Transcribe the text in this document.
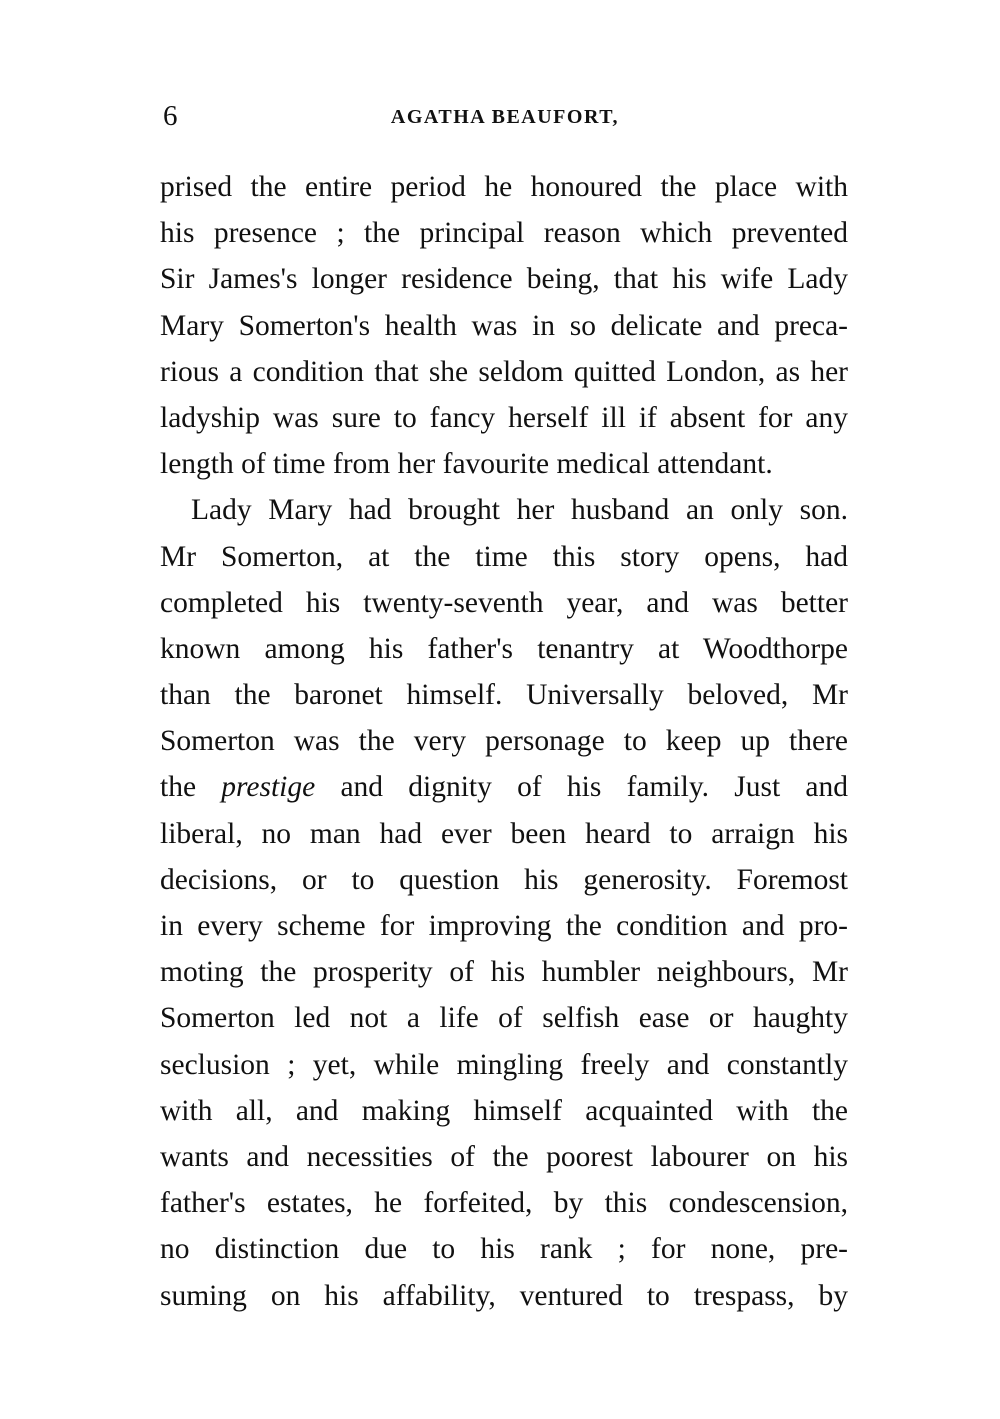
6	AGATHA BEAUFORT,
prised the entire period he honoured the place with
his presence ; the principal reason which prevented
Sir James's longer residence being, that his wife Lady
Mary Somerton's health was in so delicate and preca-
rious a condition that she seldom quitted London, as her
ladyship was sure to fancy herself ill if absent for any
length of time from her favourite medical attendant.
Lady Mary had brought her husband an only son.
Mr Somerton, at the time this story opens, had
completed his twenty-seventh year, and was better
known among his father's tenantry at Woodthorpe
than the baronet himself. Universally beloved, Mr
Somerton was the very personage to keep up there
the prestige and dignity of his family. Just and
liberal, no man had ever been heard to arraign his
decisions, or to question his generosity. Foremost
in every scheme for improving the condition and pro-
moting the prosperity of his humbler neighbours, Mr
Somerton led not a life of selfish ease or haughty
seclusion ; yet, while mingling freely and constantly
with all, and making himself acquainted with the
wants and necessities of the poorest labourer on his
father's estates, he forfeited, by this condescension,
no distinction due to his rank ; for none, pre-
suming on his affability, ventured to trespass, by
